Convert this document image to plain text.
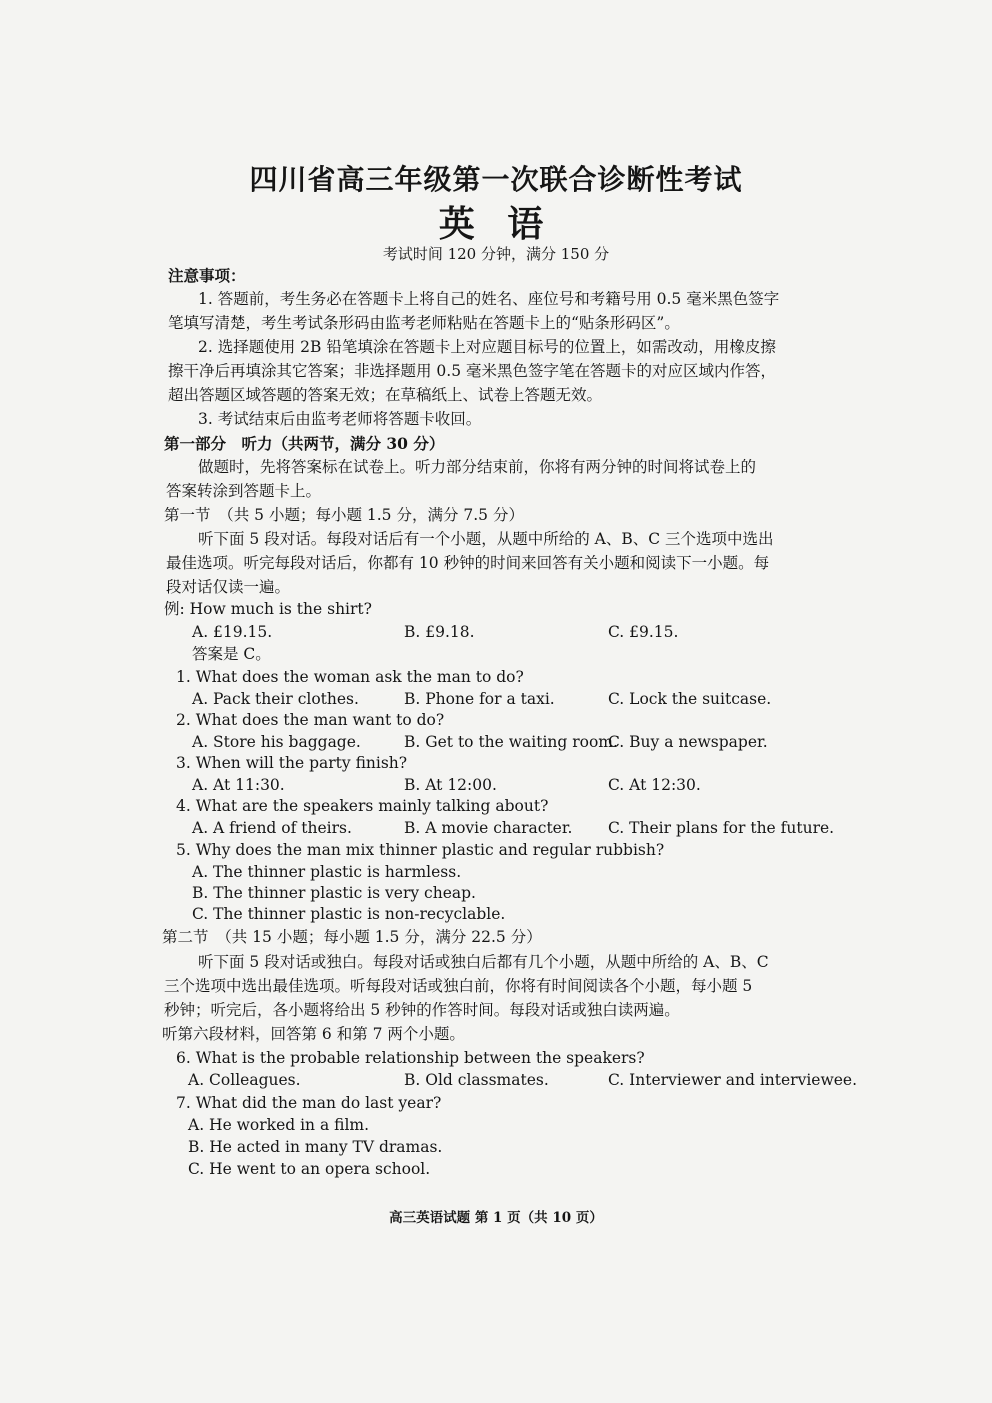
四川省高三年级第一次联合诊断性考试
英 语
考试时间 120 分钟，满分 150 分
注意事项：
1. 答题前，考生务必在答题卡上将自己的姓名、座位号和考籍号用 0.5 毫米黑色签字
笔填写清楚，考生考试条形码由监考老师粘贴在答题卡上的“贴条形码区”。
2. 选择题使用 2B 铅笔填涂在答题卡上对应题目标号的位置上，如需改动，用橡皮擦
擦干净后再填涂其它答案；非选择题用 0.5 毫米黑色签字笔在答题卡的对应区域内作答，
超出答题区域答题的答案无效；在草稿纸上、试卷上答题无效。
3. 考试结束后由监考老师将答题卡收回。
第一部分　听力（共两节，满分 30 分）
做题时，先将答案标在试卷上。听力部分结束前，你将有两分钟的时间将试卷上的
答案转涂到答题卡上。
第一节　（共 5 小题；每小题 1.5 分，满分 7.5 分）
听下面 5 段对话。每段对话后有一个小题，从题中所给的 A、B、C 三个选项中选出
最佳选项。听完每段对话后，你都有 10 秒钟的时间来回答有关小题和阅读下一小题。每
段对话仅读一遍。
例: How much is the shirt?
A. £19.15.	B. £9.18.	C. £9.15.
答案是 C。
1. What does the woman ask the man to do?
A. Pack their clothes.	B. Phone for a taxi.	C. Lock the suitcase.
2. What does the man want to do?
A. Store his baggage.	B. Get to the waiting room.
C. Buy a newspaper.
3. When will the party finish?
A. At 11:30.	B. At 12:00.	C. At 12:30.
4. What are the speakers mainly talking about?
A. A friend of theirs.	B. A movie character. C. Their plans for the future.
5. Why does the man mix thinner plastic and regular rubbish?
A. The thinner plastic is harmless.
B. The thinner plastic is very cheap.
C. The thinner plastic is non-recyclable.
第二节　（共 15 小题；每小题 1.5 分，满分 22.5 分）
听下面 5 段对话或独白。每段对话或独白后都有几个小题，从题中所给的 A、B、C
三个选项中选出最佳选项。听每段对话或独白前，你将有时间阅读各个小题，每小题 5
秒钟；听完后，各小题将给出 5 秒钟的作答时间。每段对话或独白读两遍。
听第六段材料，回答第 6 和第 7 两个小题。
6. What is the probable relationship between the speakers?
A. Colleagues.	B. Old classmates.	C. Interviewer and interviewee.
7. What did the man do last year?
A. He worked in a film.
B. He acted in many TV dramas.
C. He went to an opera school.
高三英语试题 第 1 页（共 10 页）
